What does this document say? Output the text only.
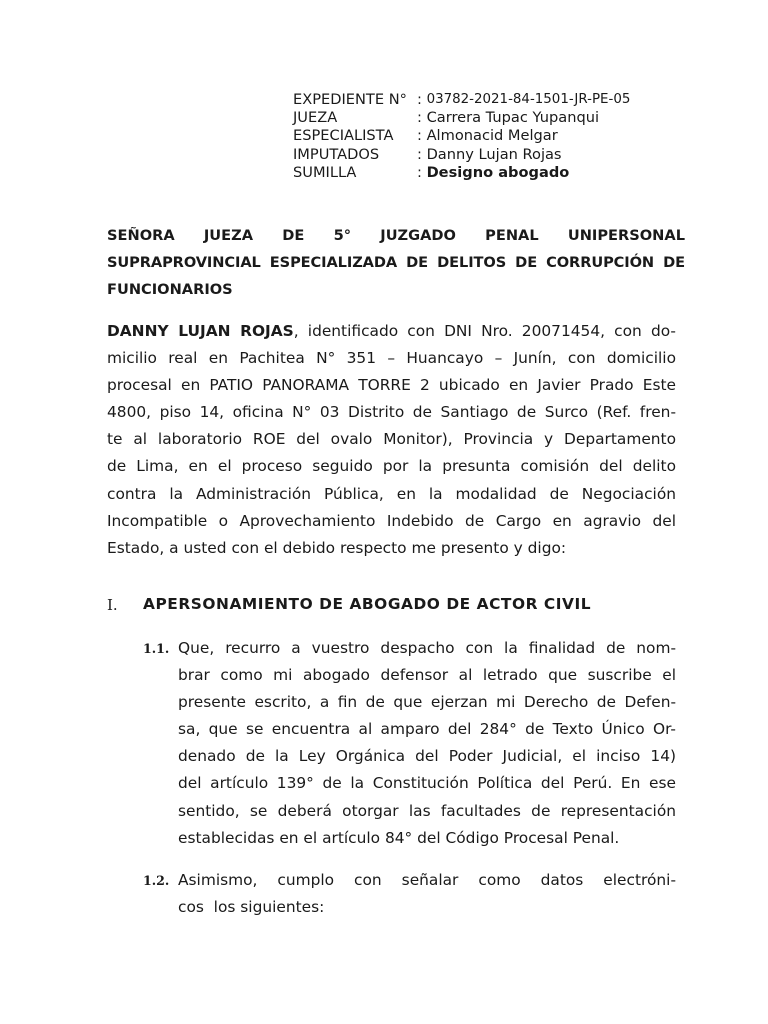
EXPEDIENTE N° : 03782-2021-84-1501-JR-PE-05
JUEZA	: Carrera Tupac Yupanqui
ESPECIALISTA	: Almonacid Melgar
IMPUTADOS	: Danny Lujan Rojas
SUMILLA	: Designo abogado
SEÑORA JUEZA DE 5° JUZGADO PENAL UNIPERSONAL
SUPRAPROVINCIAL ESPECIALIZADA DE DELITOS DE CORRUPCIÓN DE
FUNCIONARIOS
DANNY LUJAN ROJAS, identificado con DNI Nro. 20071454, con do-
micilio real en Pachitea N° 351 – Huancayo – Junín, con domicilio
procesal en PATIO PANORAMA TORRE 2 ubicado en Javier Prado Este
4800, piso 14, oficina N° 03 Distrito de Santiago de Surco (Ref. fren-
te al laboratorio ROE del ovalo Monitor), Provincia y Departamento
de Lima, en el proceso seguido por la presunta comisión del delito
contra la Administración Pública, en la modalidad de Negociación
Incompatible o Aprovechamiento Indebido de Cargo en agravio del
Estado, a usted con el debido respecto me presento y digo:
I. APERSONAMIENTO DE ABOGADO DE ACTOR CIVIL
1.1. Que, recurro a vuestro despacho con la finalidad de nom-
brar como mi abogado defensor al letrado que suscribe el
presente escrito, a fin de que ejerzan mi Derecho de Defen-
sa, que se encuentra al amparo del 284° de Texto Único Or-
denado de la Ley Orgánica del Poder Judicial, el inciso 14)
del artículo 139° de la Constitución Política del Perú. En ese
sentido, se deberá otorgar las facultades de representación
establecidas en el artículo 84° del Código Procesal Penal.
1.2. Asimismo, cumplo con señalar como datos electróni-
cos  los siguientes:
